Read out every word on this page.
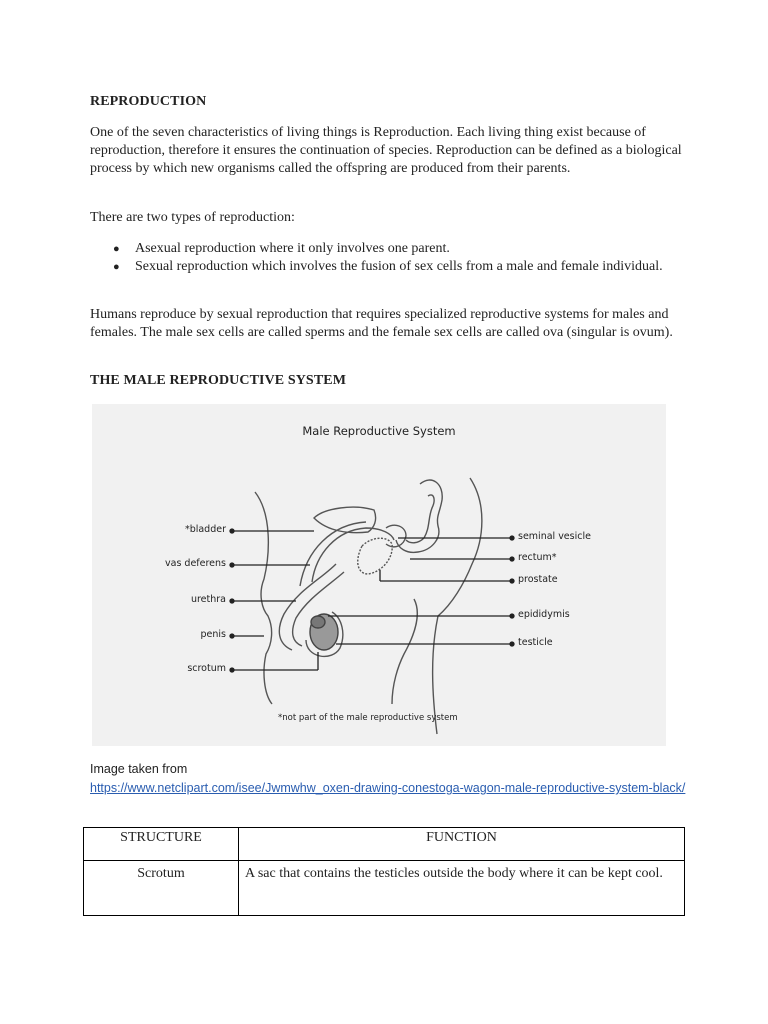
REPRODUCTION

One of the seven characteristics of living things is Reproduction. Each living thing exist because of reproduction, therefore it ensures the continuation of species. Reproduction can be defined as a biological process by which new organisms called the offspring are produced from their parents.

There are two types of reproduction:

● Asexual reproduction where it only involves one parent.
● Sexual reproduction which involves the fusion of sex cells from a male and female individual.

Humans reproduce by sexual reproduction that requires specialized reproductive systems for males and females. The male sex cells are called sperms and the female sex cells are called ova (singular is ovum).

THE MALE REPRODUCTIVE SYSTEM
Male Reproductive System
*bladder
vas deferens
urethra
penis
scrotum
seminal vesicle
rectum*
prostate
epididymis
testicle
*not part of the male reproductive system
Image taken from
https://www.netclipart.com/isee/Jwmwhw_oxen-drawing-conestoga-wagon-male-reproductive-system-black/
STRUCTURE	FUNCTION
Scrotum	A sac that contains the testicles outside the body where it can be kept cool.
